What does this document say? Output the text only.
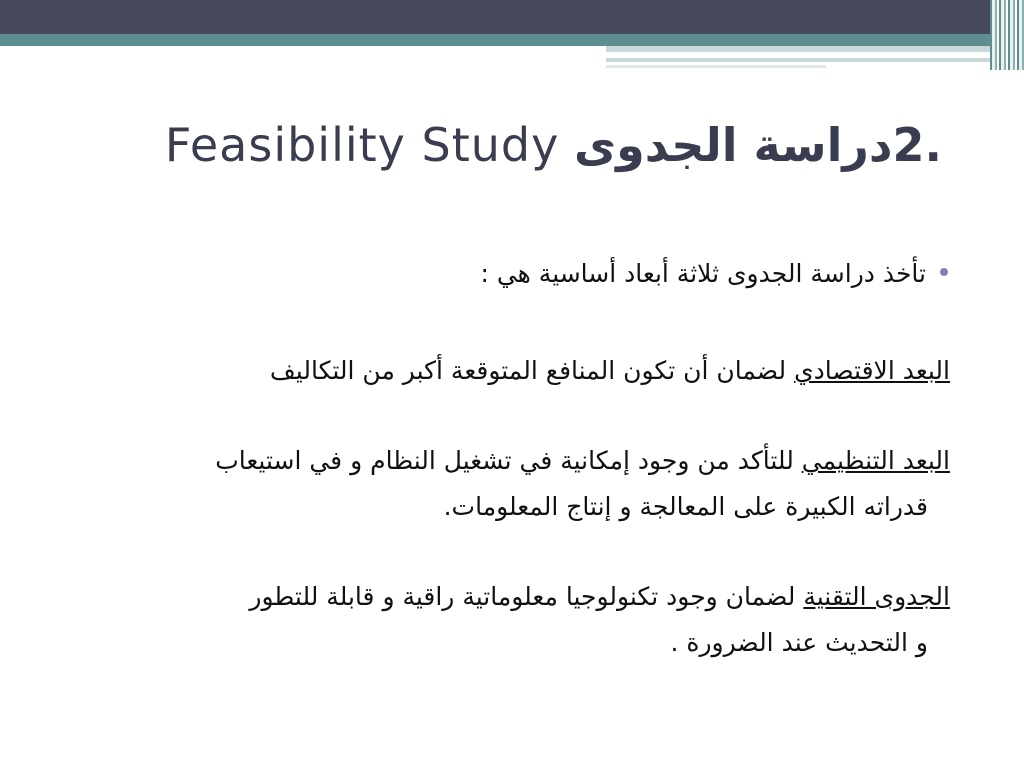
Feasibility Study .2دراسة الجدوى
تأخذ دراسة الجدوى ثلاثة أبعاد أساسية هي :
البعد الاقتصادي لضمان أن تكون المنافع المتوقعة أكبر من التكاليف
البعد التنظيمي للتأكد من وجود إمكانية في تشغيل النظام و في استيعاب
قدراته الكبيرة على المعالجة و إنتاج المعلومات.
الجدوى التقنية لضمان وجود تكنولوجيا معلوماتية راقية و قابلة للتطور
و التحديث عند الضرورة .
